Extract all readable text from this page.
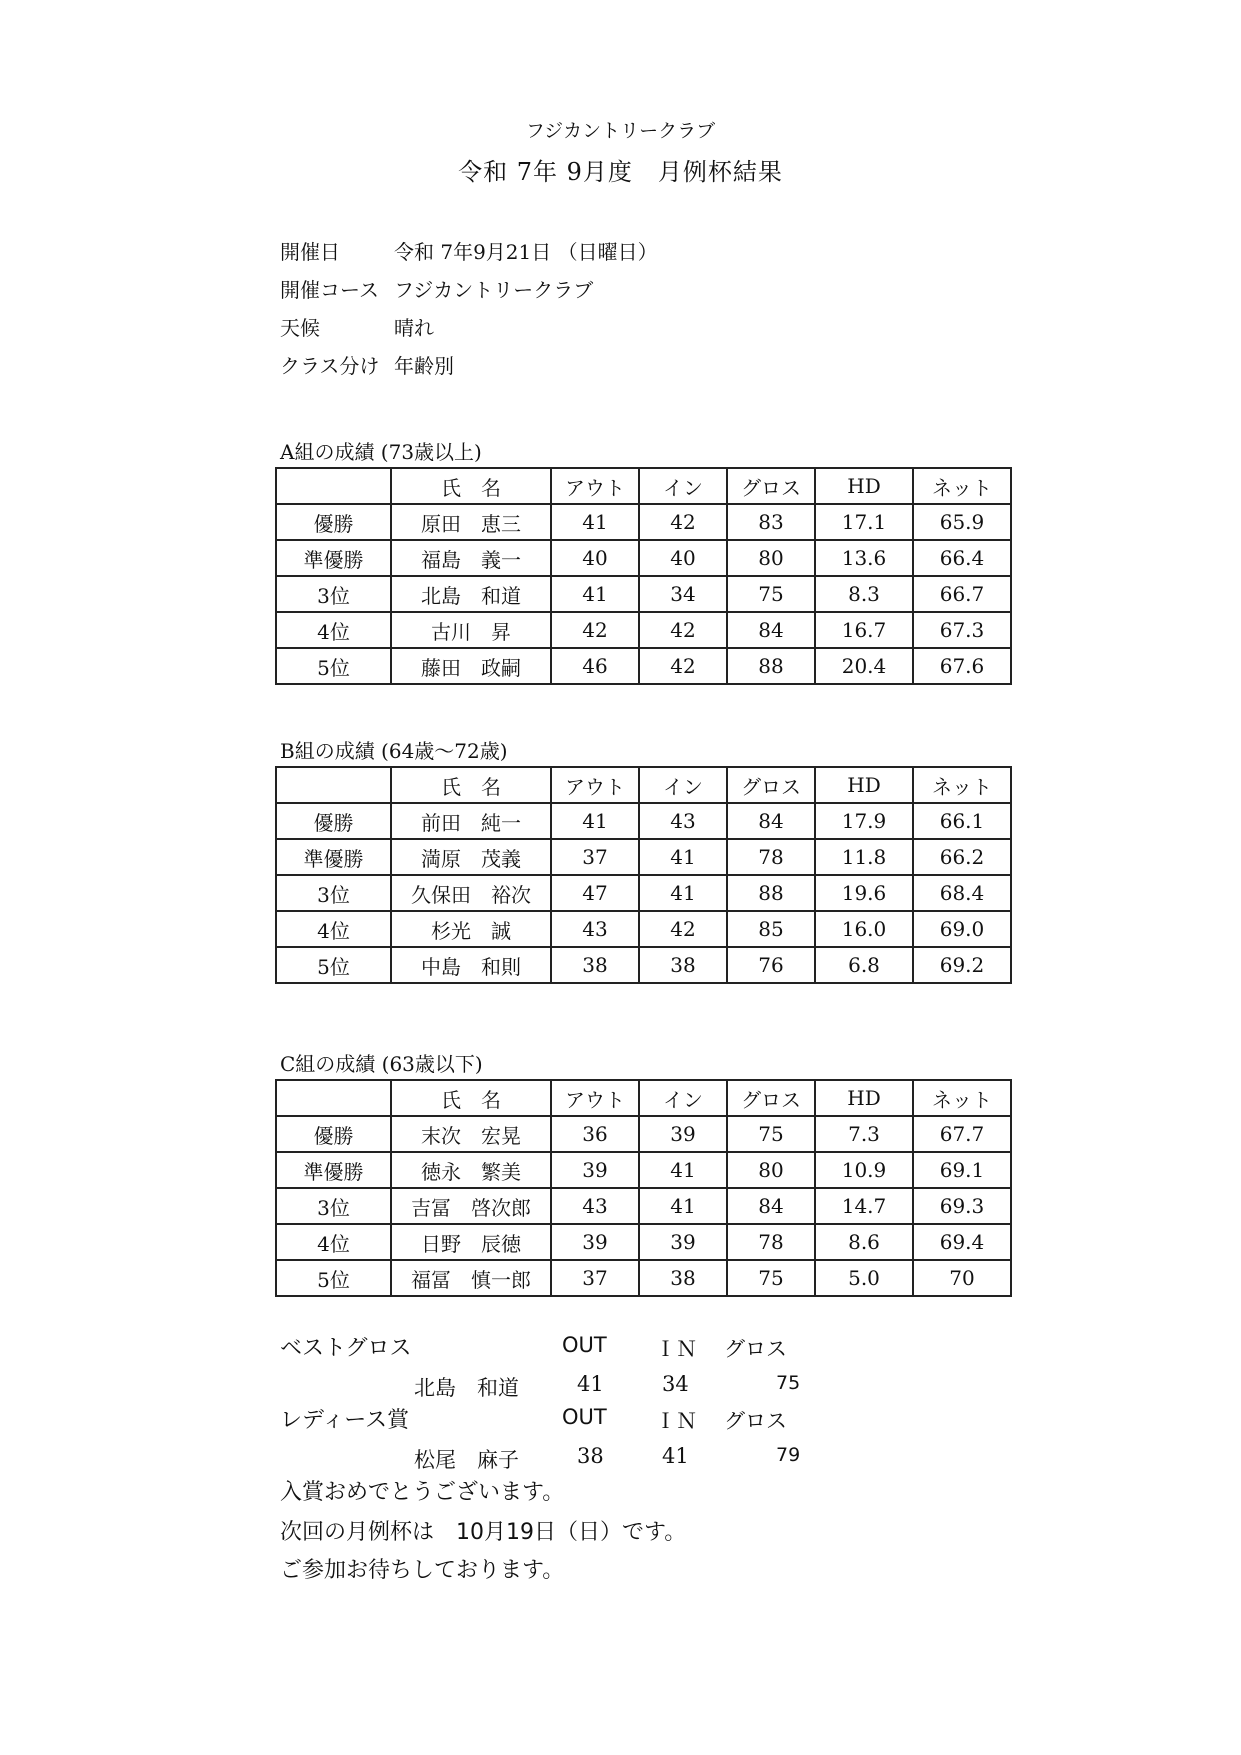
フジカントリークラブ
令和 7年 9月度　月例杯結果
開催日	令和 7年9月21日 （日曜日）
開催コース フジカントリークラブ
天候	晴れ
クラス分け 年齢別
A組の成績 (73歳以上)
	氏　名	アウト	イン	グロス	HD	ネット
優勝	原田　恵三	41	42	83	17.1	65.9
準優勝	福島　義一	40	40	80	13.6	66.4
3位	北島　和道	41	34	75	8.3	66.7
4位	古川　昇	42	42	84	16.7	67.3
5位	藤田　政嗣	46	42	88	20.4	67.6
B組の成績 (64歳～72歳)
	氏　名	アウト	イン	グロス	HD	ネット
優勝	前田　純一	41	43	84	17.9	66.1
準優勝	満原　茂義	37	41	78	11.8	66.2
3位	久保田　裕次	47	41	88	19.6	68.4
4位	杉光　誠	43	42	85	16.0	69.0
5位	中島　和則	38	38	76	6.8	69.2
C組の成績 (63歳以下)
	氏　名	アウト	イン	グロス	HD	ネット
優勝	末次　宏晃	36	39	75	7.3	67.7
準優勝	徳永　繁美	39	41	80	10.9	69.1
3位	吉冨　啓次郎	43	41	84	14.7	69.3
4位	日野　辰徳	39	39	78	8.6	69.4
5位	福冨　慎一郎	37	38	75	5.0	70
ベストグロス	OUT ＩＮ グロス
北島　和道	41	34	75
レディース賞	OUT ＩＮ グロス
松尾　麻子	38	41	79
入賞おめでとうございます。
次回の月例杯は　10月19日（日）です。
ご参加お待ちしております。
